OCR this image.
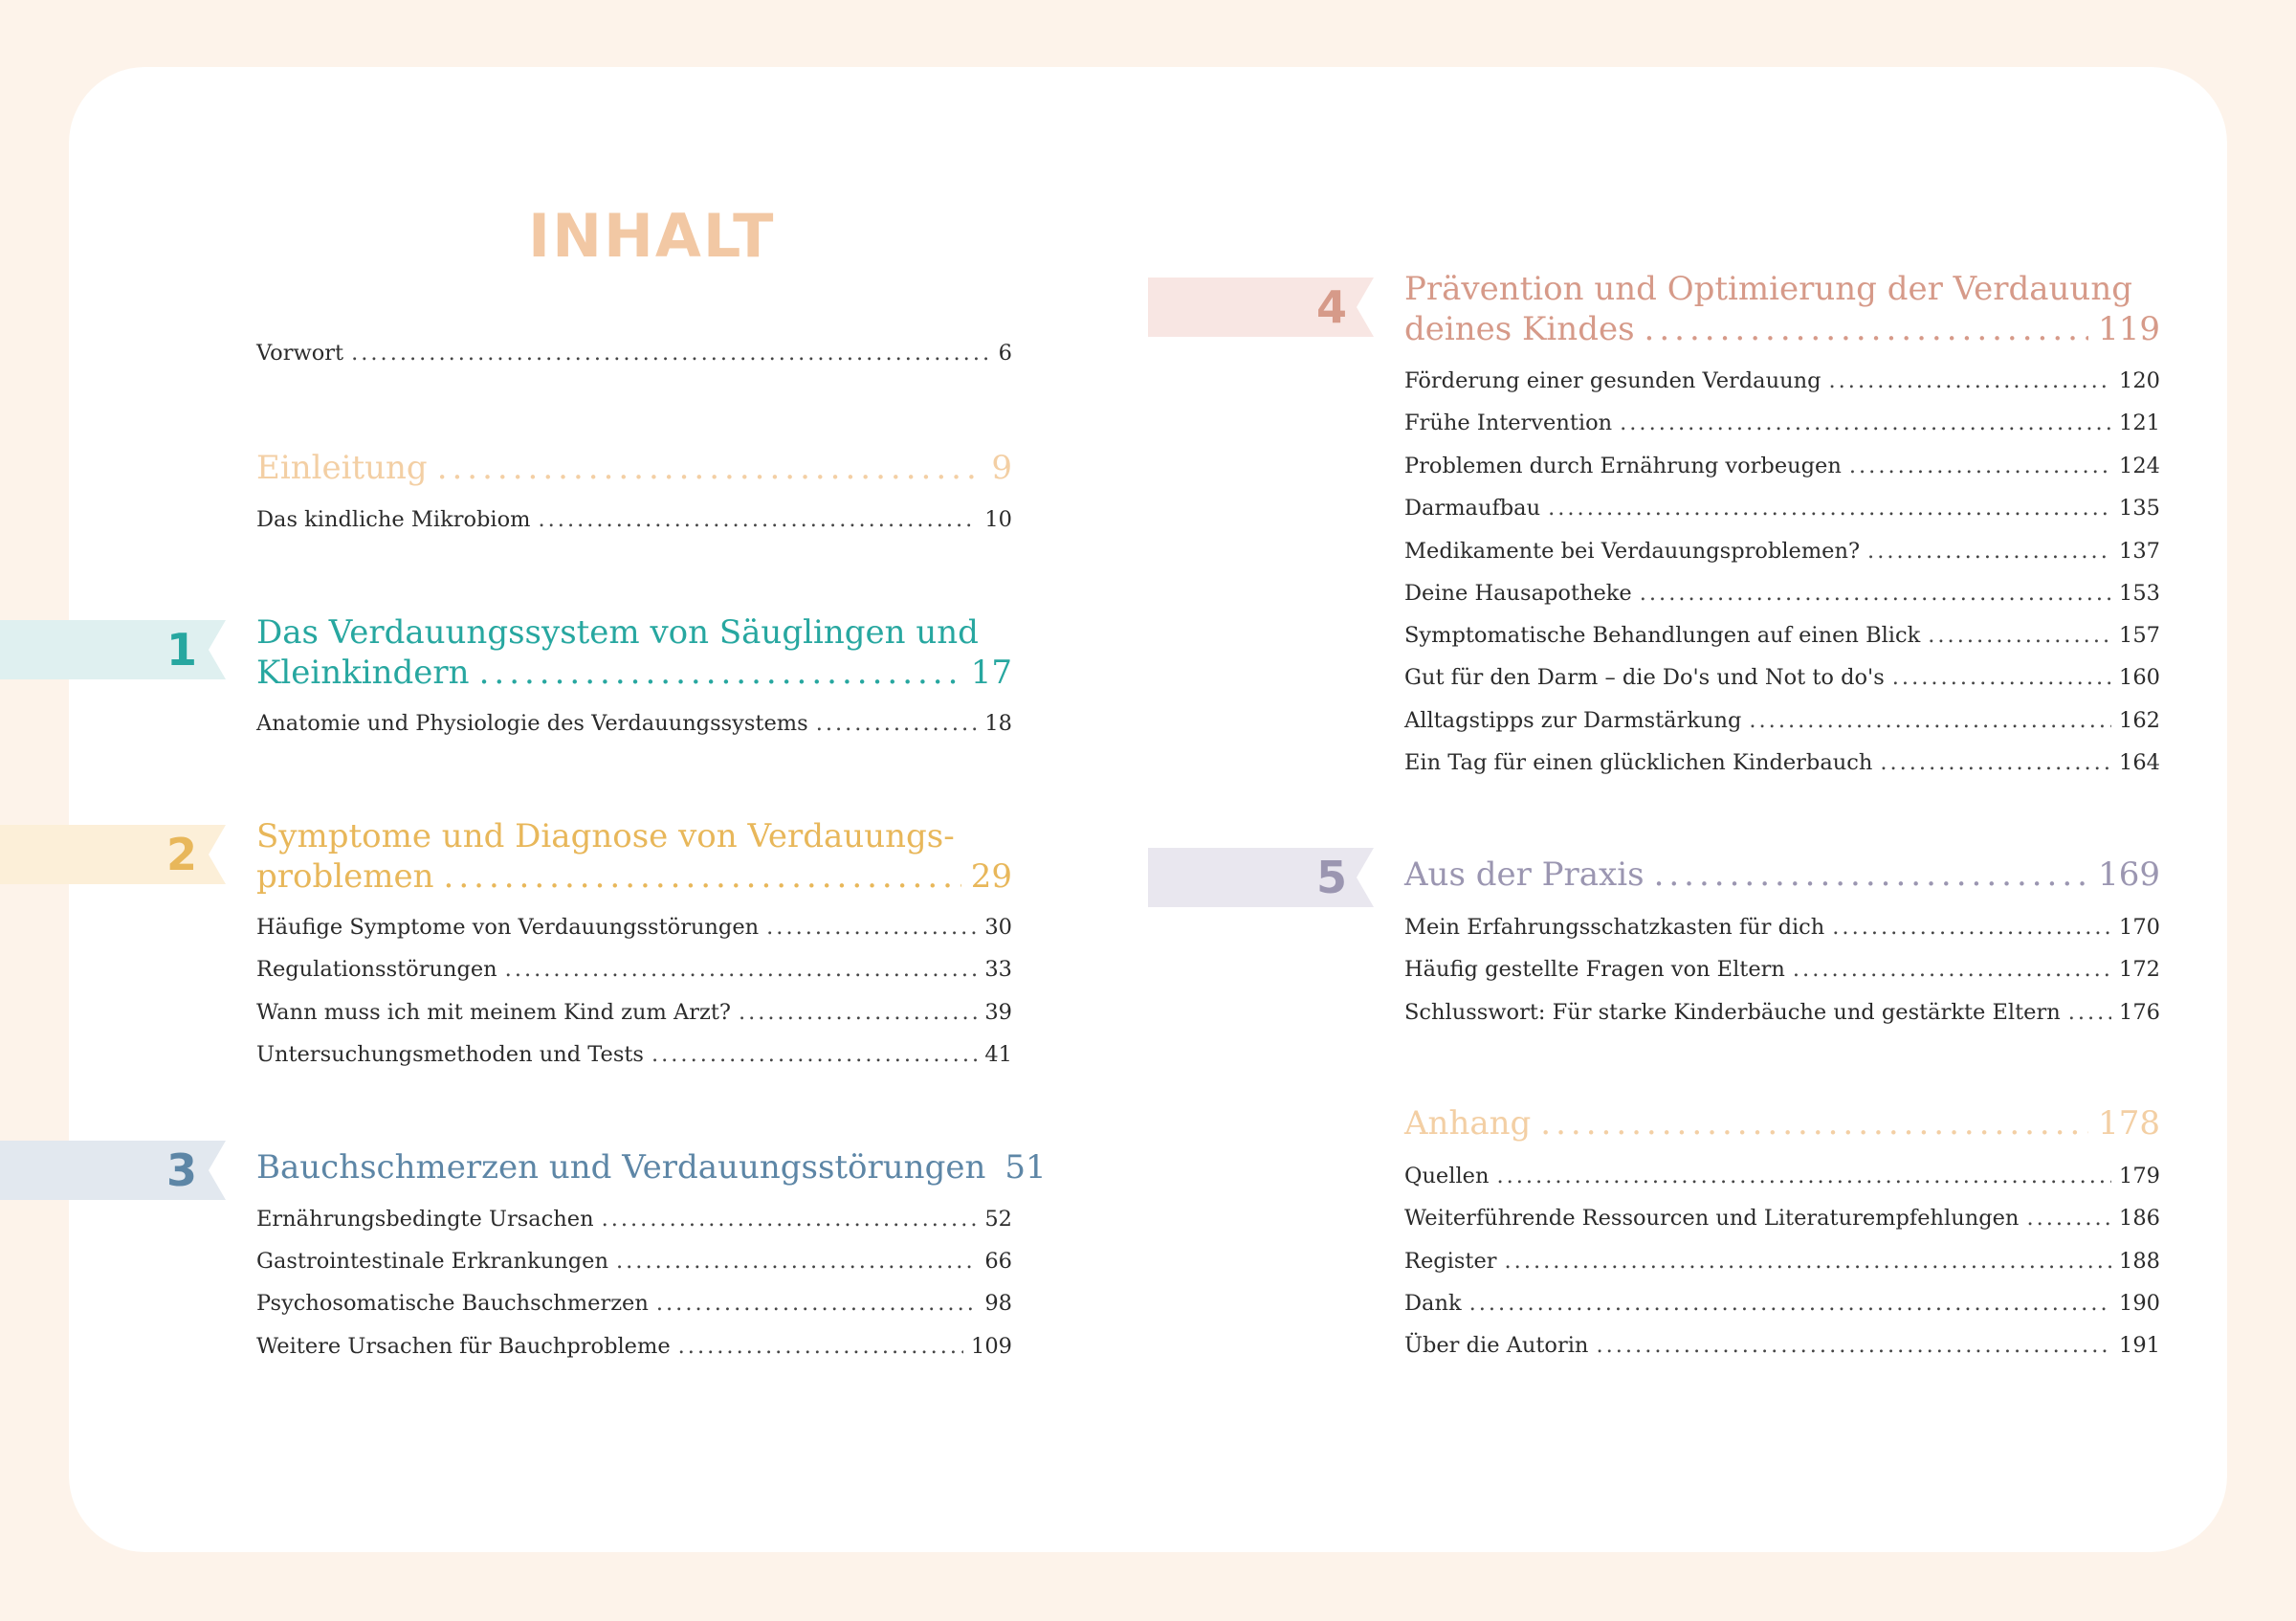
INHALT
Vorwort .....	6
Einleitung .....	9
Das kindliche Mikrobiom .....	10
1	Das Verdauungssystem von Säuglingen und
Kleinkindern .....	17
Anatomie und Physiologie des Verdauungssystems .....	18
2	Symptome und Diagnose von Verdauungs-
problemen .....	29
Häufige Symptome von Verdauungsstörungen .....	30
Regulationsstörungen .....	33
Wann muss ich mit meinem Kind zum Arzt? .....	39
Untersuchungsmethoden und Tests .....	41
3	Bauchschmerzen und Verdauungsstörungen 51
Ernährungsbedingte Ursachen .....	52
Gastrointestinale Erkrankungen .....	66
Psychosomatische Bauchschmerzen .....	98
Weitere Ursachen für Bauchprobleme .....	109
4	Prävention und Optimierung der Verdauung
deines Kindes .....	119
Förderung einer gesunden Verdauung .....	120
Frühe Intervention .....	121
Problemen durch Ernährung vorbeugen .....	124
Darmaufbau .....	135
Medikamente bei Verdauungsproblemen? .....	137
Deine Hausapotheke .....	153
Symptomatische Behandlungen auf einen Blick .....	157
Gut für den Darm – die Do's und Not to do's .....	160
Alltagstipps zur Darmstärkung .....	162
Ein Tag für einen glücklichen Kinderbauch .....	164
5	Aus der Praxis .....	169
Mein Erfahrungsschatzkasten für dich .....	170
Häufig gestellte Fragen von Eltern .....	172
Schlusswort: Für starke Kinderbäuche und gestärkte Eltern .....	176
Anhang .....	178
Quellen .....	179
Weiterführende Ressourcen und Literaturempfehlungen .....	186
Register .....	188
Dank .....	190
Über die Autorin .....	191
